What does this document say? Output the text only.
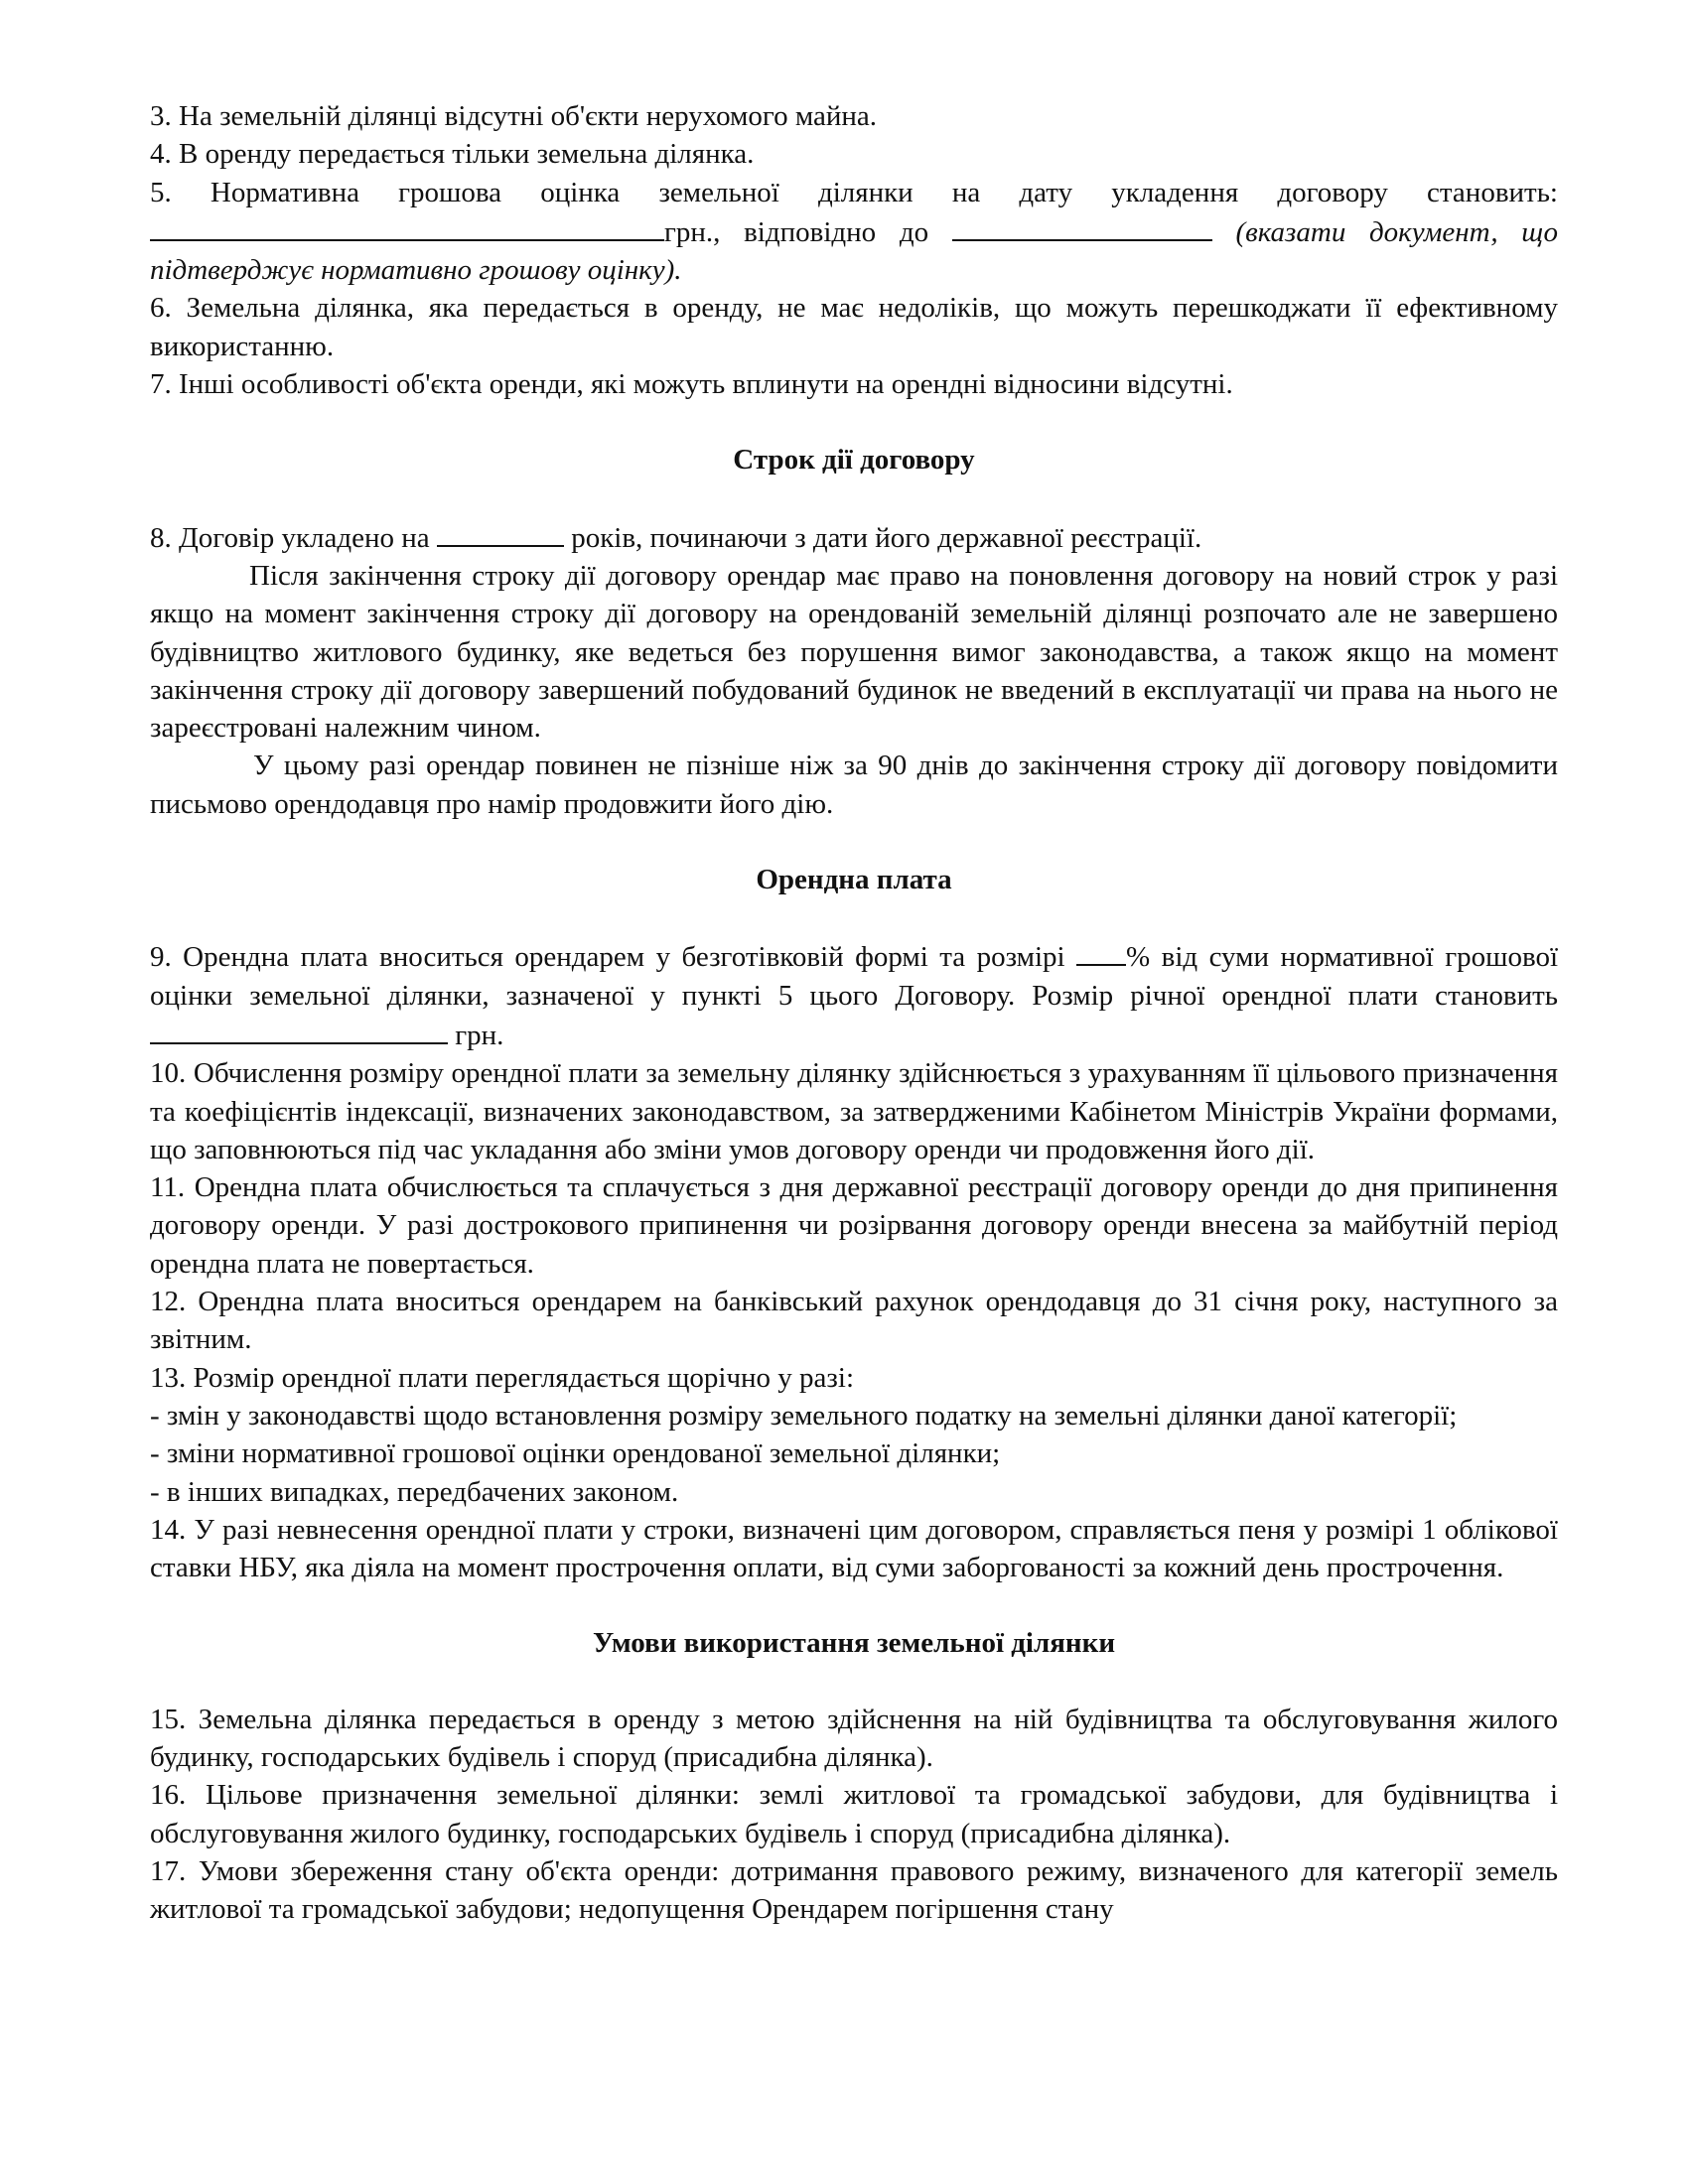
3. На земельній ділянці відсутні об'єкти нерухомого майна.

4. В оренду передається тільки земельна ділянка.

5. Нормативна грошова оцінка земельної ділянки на дату укладення договору становить: грн., відповідно до	(вказати документ, що підтверджує нормативно грошову оцінку).

6. Земельна ділянка, яка передається в оренду, не має недоліків, що можуть перешкоджати її ефективному використанню.

7. Інші особливості об'єкта оренди, які можуть вплинути на орендні відносини відсутні.

Строк дії договору

8. Договір укладено на	років, починаючи з дати його державної реєстрації.

Після закінчення строку дії договору орендар має право на поновлення договору на новий строк у разі якщо на момент закінчення строку дії договору на орендованій земельній ділянці розпочато але не завершено будівництво житлового будинку, яке ведеться без порушення вимог законодавства, а також якщо на момент закінчення строку дії договору завершений побудований будинок не введений в експлуатації чи права на нього не зареєстровані належним чином.

У цьому разі орендар повинен не пізніше ніж за 90 днів до закінчення строку дії договору повідомити письмово орендодавця про намір продовжити його дію.

Орендна плата

9. Орендна плата вноситься орендарем у безготівковій формі та розмірі % від суми нормативної грошової оцінки земельної ділянки, зазначеної у пункті 5 цього Договору. Розмір річної орендної плати становить  грн.

10. Обчислення розміру орендної плати за земельну ділянку здійснюється з урахуванням її цільового призначення та коефіцієнтів індексації, визначених законодавством, за затвердженими Кабінетом Міністрів України формами, що заповнюються під час укладання або зміни умов договору оренди чи продовження його дії.

11. Орендна плата обчислюється та сплачується з дня державної реєстрації договору оренди до дня припинення договору оренди. У разі дострокового припинення чи розірвання договору оренди внесена за майбутній період орендна плата не повертається.

12. Орендна плата вноситься орендарем на банківський рахунок орендодавця до 31 січня року, наступного за звітним.

13. Розмір орендної плати переглядається щорічно у разі:

- змін у законодавстві щодо встановлення розміру земельного податку на земельні ділянки даної категорії;

- зміни нормативної грошової оцінки орендованої земельної ділянки;

- в інших випадках, передбачених законом.

14. У разі невнесення орендної плати у строки, визначені цим договором, справляється пеня у розмірі 1 облікової ставки НБУ, яка діяла на момент прострочення оплати, від суми заборгованості за кожний день прострочення.

Умови використання земельної ділянки

15. Земельна ділянка передається в оренду з метою здійснення на ній будівництва та обслуговування жилого будинку, господарських будівель і споруд (присадибна ділянка).

16. Цільове призначення земельної ділянки: землі житлової та громадської забудови, для будівництва і обслуговування жилого будинку, господарських будівель і споруд (присадибна ділянка).

17. Умови збереження стану об'єкта оренди: дотримання правового режиму, визначеного для категорії земель житлової та громадської забудови; недопущення Орендарем погіршення стану
